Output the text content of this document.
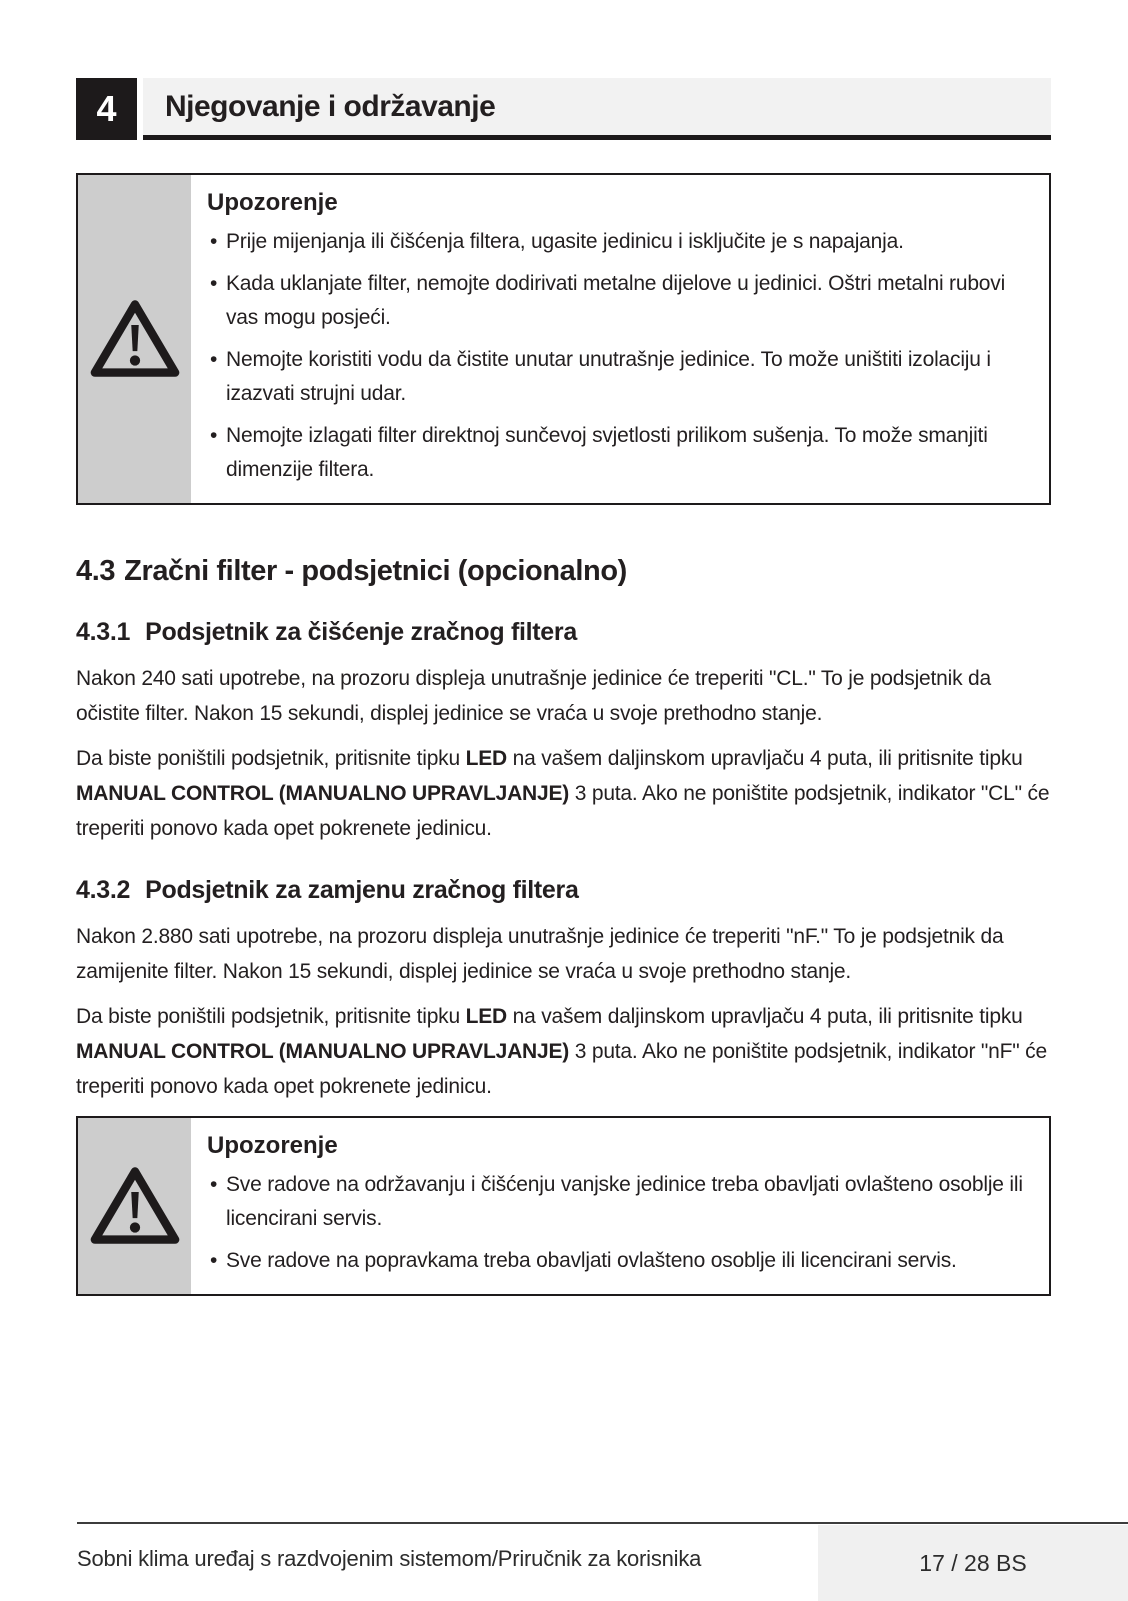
4 Njegovanje i održavanje
Upozorenje
• Prije mijenjanja ili čišćenja filtera, ugasite jedinicu i isključite je s napajanja.
• Kada uklanjate filter, nemojte dodirivati metalne dijelove u jedinici. Oštri metalni rubovi vas mogu posjeći.
• Nemojte koristiti vodu da čistite unutar unutrašnje jedinice. To može uništiti izolaciju i izazvati strujni udar.
• Nemojte izlagati filter direktnoj sunčevoj svjetlosti prilikom sušenja. To može smanjiti dimenzije filtera.
4.3 Zračni filter - podsjetnici (opcionalno)
4.3.1 Podsjetnik za čišćenje zračnog filtera
Nakon 240 sati upotrebe, na prozoru displeja unutrašnje jedinice će treperiti "CL." To je podsjetnik da očistite filter. Nakon 15 sekundi, displej jedinice se vraća u svoje prethodno stanje.
Da biste poništili podsjetnik, pritisnite tipku LED na vašem daljinskom upravljaču 4 puta, ili pritisnite tipku MANUAL CONTROL (MANUALNO UPRAVLJANJE) 3 puta. Ako ne poništite podsjetnik, indikator "CL" će treperiti ponovo kada opet pokrenete jedinicu.
4.3.2 Podsjetnik za zamjenu zračnog filtera
Nakon 2.880 sati upotrebe, na prozoru displeja unutrašnje jedinice će treperiti "nF." To je podsjetnik da zamijenite filter. Nakon 15 sekundi, displej jedinice se vraća u svoje prethodno stanje.
Da biste poništili podsjetnik, pritisnite tipku LED na vašem daljinskom upravljaču 4 puta, ili pritisnite tipku MANUAL CONTROL (MANUALNO UPRAVLJANJE) 3 puta. Ako ne poništite podsjetnik, indikator "nF" će treperiti ponovo kada opet pokrenete jedinicu.
Upozorenje
• Sve radove na održavanju i čišćenju vanjske jedinice treba obavljati ovlašteno osoblje ili licencirani servis.
• Sve radove na popravkama treba obavljati ovlašteno osoblje ili licencirani servis.
Sobni klima uređaj s razdvojenim sistemom/Priručnik za korisnika	17 / 28 BS
